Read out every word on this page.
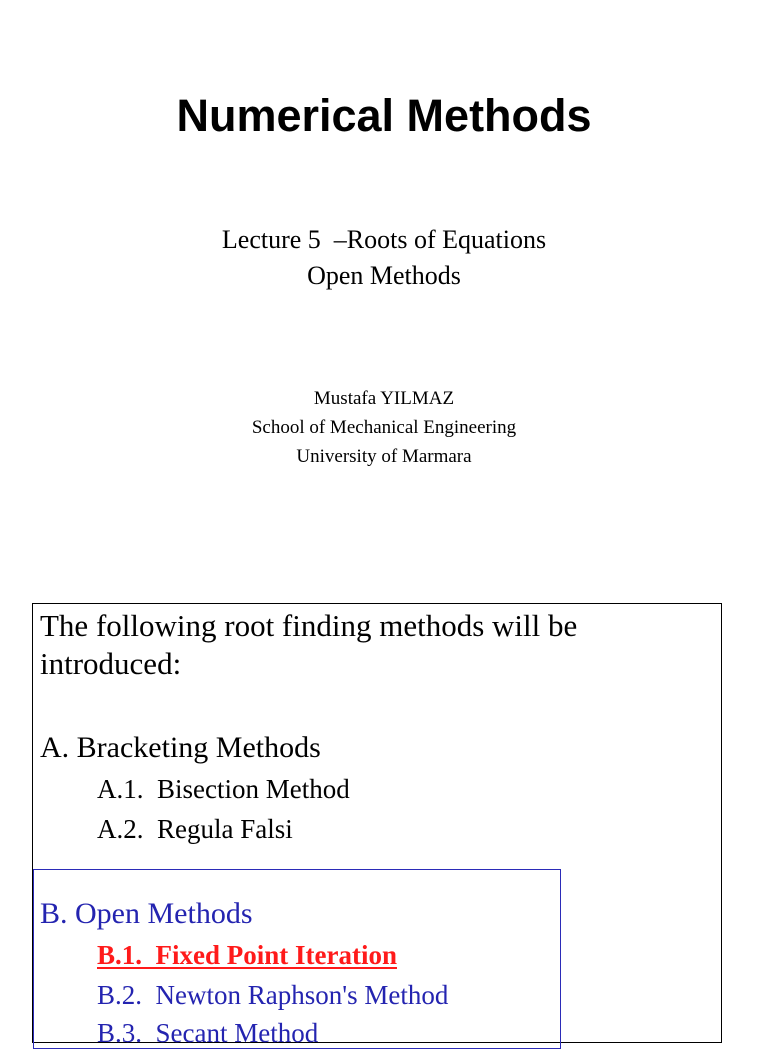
Numerical Methods
Lecture 5  –Roots of Equations
Open Methods
Mustafa YILMAZ
School of Mechanical Engineering
University of Marmara
The following root finding methods will be introduced:
A. Bracketing Methods
A.1.  Bisection Method
A.2.  Regula Falsi
B. Open Methods
B.1.  Fixed Point Iteration
B.2.  Newton Raphson's Method
B.3.  Secant Method
